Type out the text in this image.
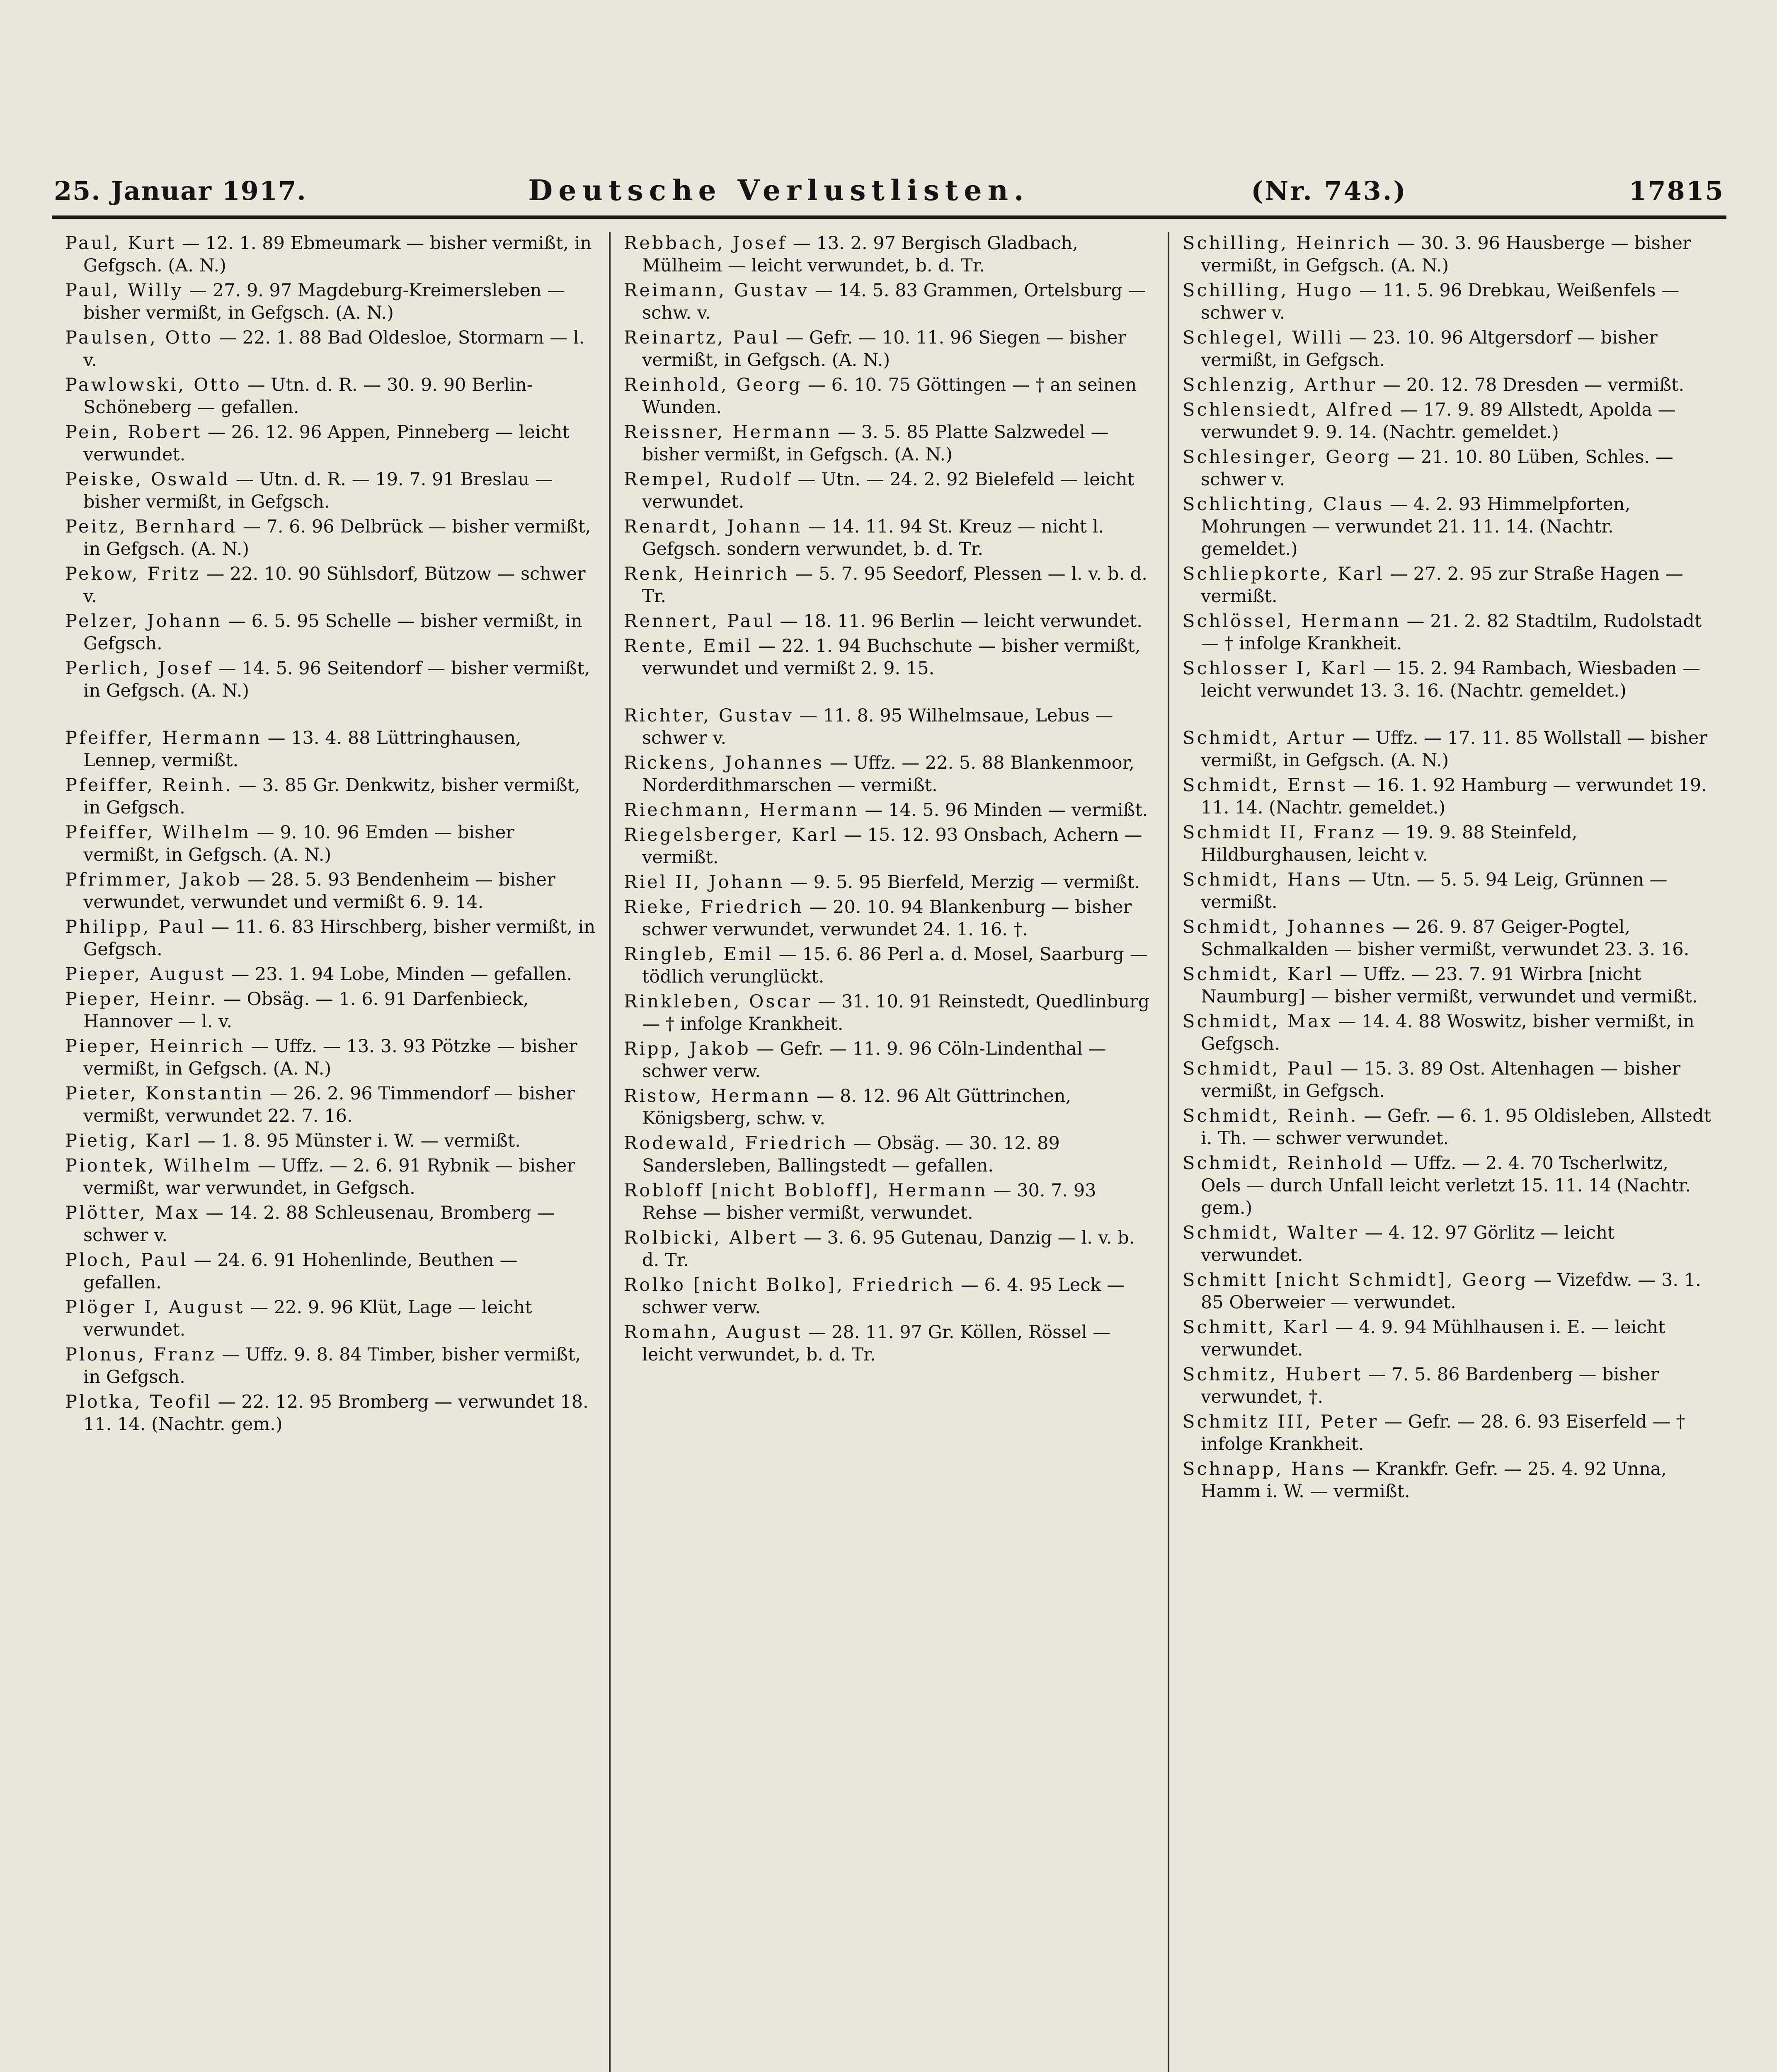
25. Januar 1917.	Deutsche Verlustlisten.	(Nr. 743.)	17815
Paul, Kurt — 12. 1. 89 Ebmeumark — bisher vermißt, in Gefgsch. (A. N.)
Paul, Willy — 27. 9. 97 Magdeburg-Kreimersleben — bisher vermißt, in Gefgsch. (A. N.)
Paulsen, Otto — 22. 1. 88 Bad Oldesloe, Stormarn — l. v.
Pawlowski, Otto — Utn. d. R. — 30. 9. 90 Berlin-Schöneberg — gefallen.
Pein, Robert — 26. 12. 96 Appen, Pinneberg — leicht verwundet.
Peiske, Oswald — Utn. d. R. — 19. 7. 91 Breslau — bisher vermißt, in Gefgsch.
Peitz, Bernhard — 7. 6. 96 Delbrück — bisher vermißt, in Gefgsch. (A. N.)
Pekow, Fritz — 22. 10. 90 Sühlsdorf, Bützow — schwer v.
Pelzer, Johann — 6. 5. 95 Schelle — bisher vermißt, in Gefgsch.
Perlich, Josef — 14. 5. 96 Seitendorf — bisher vermißt, in Gefgsch. (A. N.)
Pfeiffer, Hermann — 13. 4. 88 Lüttringhausen, Lennep, vermißt.
Pfeiffer, Reinh. — 3. 85 Gr. Denkwitz, bisher vermißt, in Gefgsch.
Pfeiffer, Wilhelm — 9. 10. 96 Emden — bisher vermißt, in Gefgsch. (A. N.)
Pfrimmer, Jakob — 28. 5. 93 Bendenheim — bisher verwundet, verwundet und vermißt 6. 9. 14.
Philipp, Paul — 11. 6. 83 Hirschberg, bisher vermißt, in Gefgsch.
Pieper, August — 23. 1. 94 Lobe, Minden — gefallen.
Pieper, Heinr. — Obsäg. — 1. 6. 91 Darfenbieck, Hannover — l. v.
Pieper, Heinrich — Uffz. — 13. 3. 93 Pötzke — bisher vermißt, in Gefgsch. (A. N.)
Pieter, Konstantin — 26. 2. 96 Timmendorf — bisher vermißt, verwundet 22. 7. 16.
Pietig, Karl — 1. 8. 95 Münster i. W. — vermißt.
Piontek, Wilhelm — Uffz. — 2. 6. 91 Rybnik — bisher vermißt, war verwundet, in Gefgsch.
Plötter, Max — 14. 2. 88 Schleusenau, Bromberg — schwer v.
Ploch, Paul — 24. 6. 91 Hohenlinde, Beuthen — gefallen.
Plöger I, August — 22. 9. 96 Klüt, Lage — leicht verwundet.
Plonus, Franz — Uffz. 9. 8. 84 Timber, bisher vermißt, in Gefgsch.
Plotka, Teofil — 22. 12. 95 Bromberg — verwundet 18. 11. 14. (Nachtr. gem.)
Rebbach, Josef — 13. 2. 97 Bergisch Gladbach, Mülheim — leicht verwundet, b. d. Tr.
Reimann, Gustav — 14. 5. 83 Grammen, Ortelsburg — schw. v.
Reinartz, Paul — Gefr. — 10. 11. 96 Siegen — bisher vermißt, in Gefgsch. (A. N.)
Reinhold, Georg — 6. 10. 75 Göttingen — † an seinen Wunden.
Reissner, Hermann — 3. 5. 85 Platte Salzwedel — bisher vermißt, in Gefgsch. (A. N.)
Rempel, Rudolf — Utn. — 24. 2. 92 Bielefeld — leicht verwundet.
Renardt, Johann — 14. 11. 94 St. Kreuz — nicht l. Gefgsch. sondern verwundet, b. d. Tr.
Renk, Heinrich — 5. 7. 95 Seedorf, Plessen — l. v. b. d. Tr.
Rennert, Paul — 18. 11. 96 Berlin — leicht verwundet.
Rente, Emil — 22. 1. 94 Buchschute — bisher vermißt, verwundet und vermißt 2. 9. 15.
Richter, Gustav — 11. 8. 95 Wilhelmsaue, Lebus — schwer v.
Rickens, Johannes — Uffz. — 22. 5. 88 Blankenmoor, Norderdithmarschen — vermißt.
Riechmann, Hermann — 14. 5. 96 Minden — vermißt.
Riegelsberger, Karl — 15. 12. 93 Onsbach, Achern — vermißt.
Riel II, Johann — 9. 5. 95 Bierfeld, Merzig — vermißt.
Rieke, Friedrich — 20. 10. 94 Blankenburg — bisher schwer verwundet, verwundet 24. 1. 16. †.
Ringleb, Emil — 15. 6. 86 Perl a. d. Mosel, Saarburg — tödlich verunglückt.
Rinkleben, Oscar — 31. 10. 91 Reinstedt, Quedlinburg — † infolge Krankheit.
Ripp, Jakob — Gefr. — 11. 9. 96 Cöln-Lindenthal — schwer verw.
Ristow, Hermann — 8. 12. 96 Alt Güttrinchen, Königsberg, schw. v.
Rodewald, Friedrich — Obsäg. — 30. 12. 89 Sandersleben, Ballingstedt — gefallen.
Robloff [nicht Bobloff], Hermann — 30. 7. 93 Rehse — bisher vermißt, verwundet.
Rolbicki, Albert — 3. 6. 95 Gutenau, Danzig — l. v. b. d. Tr.
Rolko [nicht Bolko], Friedrich — 6. 4. 95 Leck — schwer verw.
Romahn, August — 28. 11. 97 Gr. Köllen, Rössel — leicht verwundet, b. d. Tr.
Schilling, Heinrich — 30. 3. 96 Hausberge — bisher vermißt, in Gefgsch. (A. N.)
Schilling, Hugo — 11. 5. 96 Drebkau, Weißenfels — schwer v.
Schlegel, Willi — 23. 10. 96 Altgersdorf — bisher vermißt, in Gefgsch.
Schlenzig, Arthur — 20. 12. 78 Dresden — vermißt.
Schlensiedt, Alfred — 17. 9. 89 Allstedt, Apolda — verwundet 9. 9. 14. (Nachtr. gemeldet.)
Schlesinger, Georg — 21. 10. 80 Lüben, Schles. — schwer v.
Schlichting, Claus — 4. 2. 93 Himmelpforten, Mohrungen — verwundet 21. 11. 14. (Nachtr. gemeldet.)
Schliepkorte, Karl — 27. 2. 95 zur Straße Hagen — vermißt.
Schlössel, Hermann — 21. 2. 82 Stadtilm, Rudolstadt — † infolge Krankheit.
Schlosser I, Karl — 15. 2. 94 Rambach, Wiesbaden — leicht verwundet 13. 3. 16. (Nachtr. gemeldet.)
Schmidt, Artur — Uffz. — 17. 11. 85 Wollstall — bisher vermißt, in Gefgsch. (A. N.)
Schmidt, Ernst — 16. 1. 92 Hamburg — verwundet 19. 11. 14. (Nachtr. gemeldet.)
Schmidt II, Franz — 19. 9. 88 Steinfeld, Hildburghausen, leicht v.
Schmidt, Hans — Utn. — 5. 5. 94 Leig, Grünnen — vermißt.
Schmidt, Johannes — 26. 9. 87 Geiger-Pogtel, Schmalkalden — bisher vermißt, verwundet 23. 3. 16.
Schmidt, Karl — Uffz. — 23. 7. 91 Wirbra [nicht Naumburg] — bisher vermißt, verwundet und vermißt.
Schmidt, Max — 14. 4. 88 Woswitz, bisher vermißt, in Gefgsch.
Schmidt, Paul — 15. 3. 89 Ost. Altenhagen — bisher vermißt, in Gefgsch.
Schmidt, Reinh. — Gefr. — 6. 1. 95 Oldisleben, Allstedt i. Th. — schwer verwundet.
Schmidt, Reinhold — Uffz. — 2. 4. 70 Tscherlwitz, Oels — durch Unfall leicht verletzt 15. 11. 14 (Nachtr. gem.)
Schmidt, Walter — 4. 12. 97 Görlitz — leicht verwundet.
Schmitt [nicht Schmidt], Georg — Vizefdw. — 3. 1. 85 Oberweier — verwundet.
Schmitt, Karl — 4. 9. 94 Mühlhausen i. E. — leicht verwundet.
Schmitz, Hubert — 7. 5. 86 Bardenberg — bisher verwundet, †.
Schmitz III, Peter — Gefr. — 28. 6. 93 Eiserfeld — † infolge Krankheit.
Schnapp, Hans — Krankfr. Gefr. — 25. 4. 92 Unna, Hamm i. W. — vermißt.
